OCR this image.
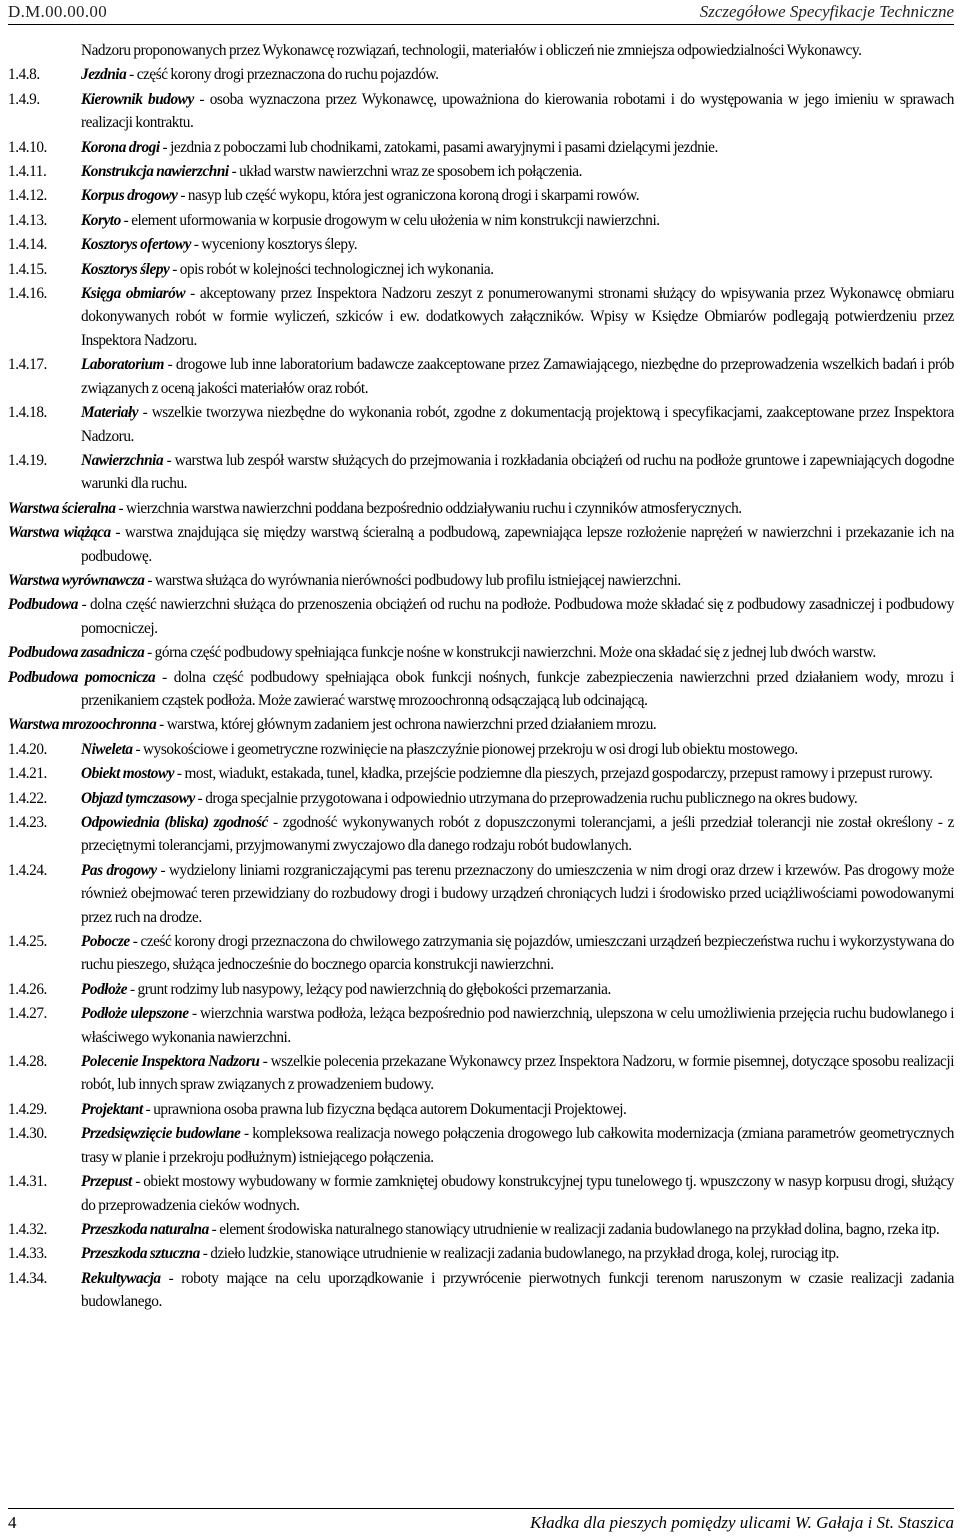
D.M.00.00.00	Szczegółowe Specyfikacje Techniczne
Nadzoru proponowanych przez Wykonawcę rozwiązań, technologii, materiałów i obliczeń nie zmniejsza odpowiedzialności Wykonawcy.
1.4.8.	Jezdnia - część korony drogi przeznaczona do ruchu pojazdów.
1.4.9.	Kierownik budowy - osoba wyznaczona przez Wykonawcę, upoważniona do kierowania robotami i do występowania w jego imieniu w sprawach realizacji kontraktu.
1.4.10.	Korona drogi - jezdnia z poboczami lub chodnikami, zatokami, pasami awaryjnymi i pasami dzielącymi jezdnie.
1.4.11.	Konstrukcja nawierzchni - układ warstw nawierzchni wraz ze sposobem ich połączenia.
1.4.12.	Korpus drogowy - nasyp lub część wykopu, która jest ograniczona koroną drogi i skarpami rowów.
1.4.13.	Koryto - element uformowania w korpusie drogowym w celu ułożenia w nim konstrukcji nawierzchni.
1.4.14.	Kosztorys ofertowy - wyceniony kosztorys ślepy.
1.4.15.	Kosztorys ślepy - opis robót w kolejności technologicznej ich wykonania.
1.4.16.	Księga obmiarów - akceptowany przez Inspektora Nadzoru zeszyt z ponumerowanymi stronami służący do wpisywania przez Wykonawcę obmiaru dokonywanych robót w formie wyliczeń, szkiców i ew. dodatkowych załączników. Wpisy w Księdze Obmiarów podlegają potwierdzeniu przez Inspektora Nadzoru.
1.4.17.	Laboratorium - drogowe lub inne laboratorium badawcze zaakceptowane przez Zamawiającego, niezbędne do przeprowadzenia wszelkich badań i prób związanych z oceną jakości materiałów oraz robót.
1.4.18.	Materiały - wszelkie tworzywa niezbędne do wykonania robót, zgodne z dokumentacją projektową i specyfikacjami, zaakceptowane przez Inspektora Nadzoru.
1.4.19.	Nawierzchnia - warstwa lub zespół warstw służących do przejmowania i rozkładania obciążeń od ruchu na podłoże gruntowe i zapewniających dogodne warunki dla ruchu.
Warstwa ścieralna - wierzchnia warstwa nawierzchni poddana bezpośrednio oddziaływaniu ruchu i czynników atmosferycznych.
Warstwa wiążąca - warstwa znajdująca się między warstwą ścieralną a podbudową, zapewniająca lepsze rozłożenie naprężeń w nawierzchni i przekazanie ich na podbudowę.
Warstwa wyrównawcza - warstwa służąca do wyrównania nierówności podbudowy lub profilu istniejącej nawierzchni.
Podbudowa - dolna część nawierzchni służąca do przenoszenia obciążeń od ruchu na podłoże. Podbudowa może składać się z podbudowy zasadniczej i podbudowy pomocniczej.
Podbudowa zasadnicza - górna część podbudowy spełniająca funkcje nośne w konstrukcji nawierzchni. Może ona składać się z jednej lub dwóch warstw.
Podbudowa pomocnicza - dolna część podbudowy spełniająca obok funkcji nośnych, funkcje zabezpieczenia nawierzchni przed działaniem wody, mrozu i przenikaniem cząstek podłoża. Może zawierać warstwę mrozoochronną odsączającą lub odcinającą.
Warstwa mrozoochronna - warstwa, której głównym zadaniem jest ochrona nawierzchni przed działaniem mrozu.
1.4.20.	Niweleta - wysokościowe i geometryczne rozwinięcie na płaszczyźnie pionowej przekroju w osi drogi lub obiektu mostowego.
1.4.21.	Obiekt mostowy - most, wiadukt, estakada, tunel, kładka, przejście podziemne dla pieszych, przejazd gospodarczy, przepust ramowy i przepust rurowy.
1.4.22.	Objazd tymczasowy - droga specjalnie przygotowana i odpowiednio utrzymana do przeprowadzenia ruchu publicznego na okres budowy.
1.4.23.	Odpowiednia (bliska) zgodność - zgodność wykonywanych robót z dopuszczonymi tolerancjami, a jeśli przedział tolerancji nie został określony - z przeciętnymi tolerancjami, przyjmowanymi zwyczajowo dla danego rodzaju robót budowlanych.
1.4.24.	Pas drogowy - wydzielony liniami rozgraniczającymi pas terenu przeznaczony do umieszczenia w nim drogi oraz drzew i krzewów. Pas drogowy może również obejmować teren przewidziany do rozbudowy drogi i budowy urządzeń chroniących ludzi i środowisko przed uciążliwościami powodowanymi przez ruch na drodze.
1.4.25.	Pobocze - cześć korony drogi przeznaczona do chwilowego zatrzymania się pojazdów, umieszczani urządzeń bezpieczeństwa ruchu i wykorzystywana do ruchu pieszego, służąca jednocześnie do bocznego oparcia konstrukcji nawierzchni.
1.4.26.	Podłoże - grunt rodzimy lub nasypowy, leżący pod nawierzchnią do głębokości przemarzania.
1.4.27.	Podłoże ulepszone - wierzchnia warstwa podłoża, leżąca bezpośrednio pod nawierzchnią, ulepszona w celu umożliwienia przejęcia ruchu budowlanego i właściwego wykonania nawierzchni.
1.4.28.	Polecenie Inspektora Nadzoru - wszelkie polecenia przekazane Wykonawcy przez Inspektora Nadzoru, w formie pisemnej, dotyczące sposobu realizacji robót, lub innych spraw związanych z prowadzeniem budowy.
1.4.29.	Projektant - uprawniona osoba prawna lub fizyczna będąca autorem Dokumentacji Projektowej.
1.4.30.	Przedsięwzięcie budowlane - kompleksowa realizacja nowego połączenia drogowego lub całkowita modernizacja (zmiana parametrów geometrycznych trasy w planie i przekroju podłużnym) istniejącego połączenia.
1.4.31.	Przepust - obiekt mostowy wybudowany w formie zamkniętej obudowy konstrukcyjnej typu tunelowego tj. wpuszczony w nasyp korpusu drogi, służący do przeprowadzenia cieków wodnych.
1.4.32.	Przeszkoda naturalna - element środowiska naturalnego stanowiący utrudnienie w realizacji zadania budowlanego na przykład dolina, bagno, rzeka itp.
1.4.33.	Przeszkoda sztuczna - dzieło ludzkie, stanowiące utrudnienie w realizacji zadania budowlanego, na przykład droga, kolej, rurociąg itp.
1.4.34.	Rekultywacja - roboty mające na celu uporządkowanie i przywrócenie pierwotnych funkcji terenom naruszonym w czasie realizacji zadania budowlanego.
4	Kładka dla pieszych pomiędzy ulicami W. Gałaja i St. Staszica
